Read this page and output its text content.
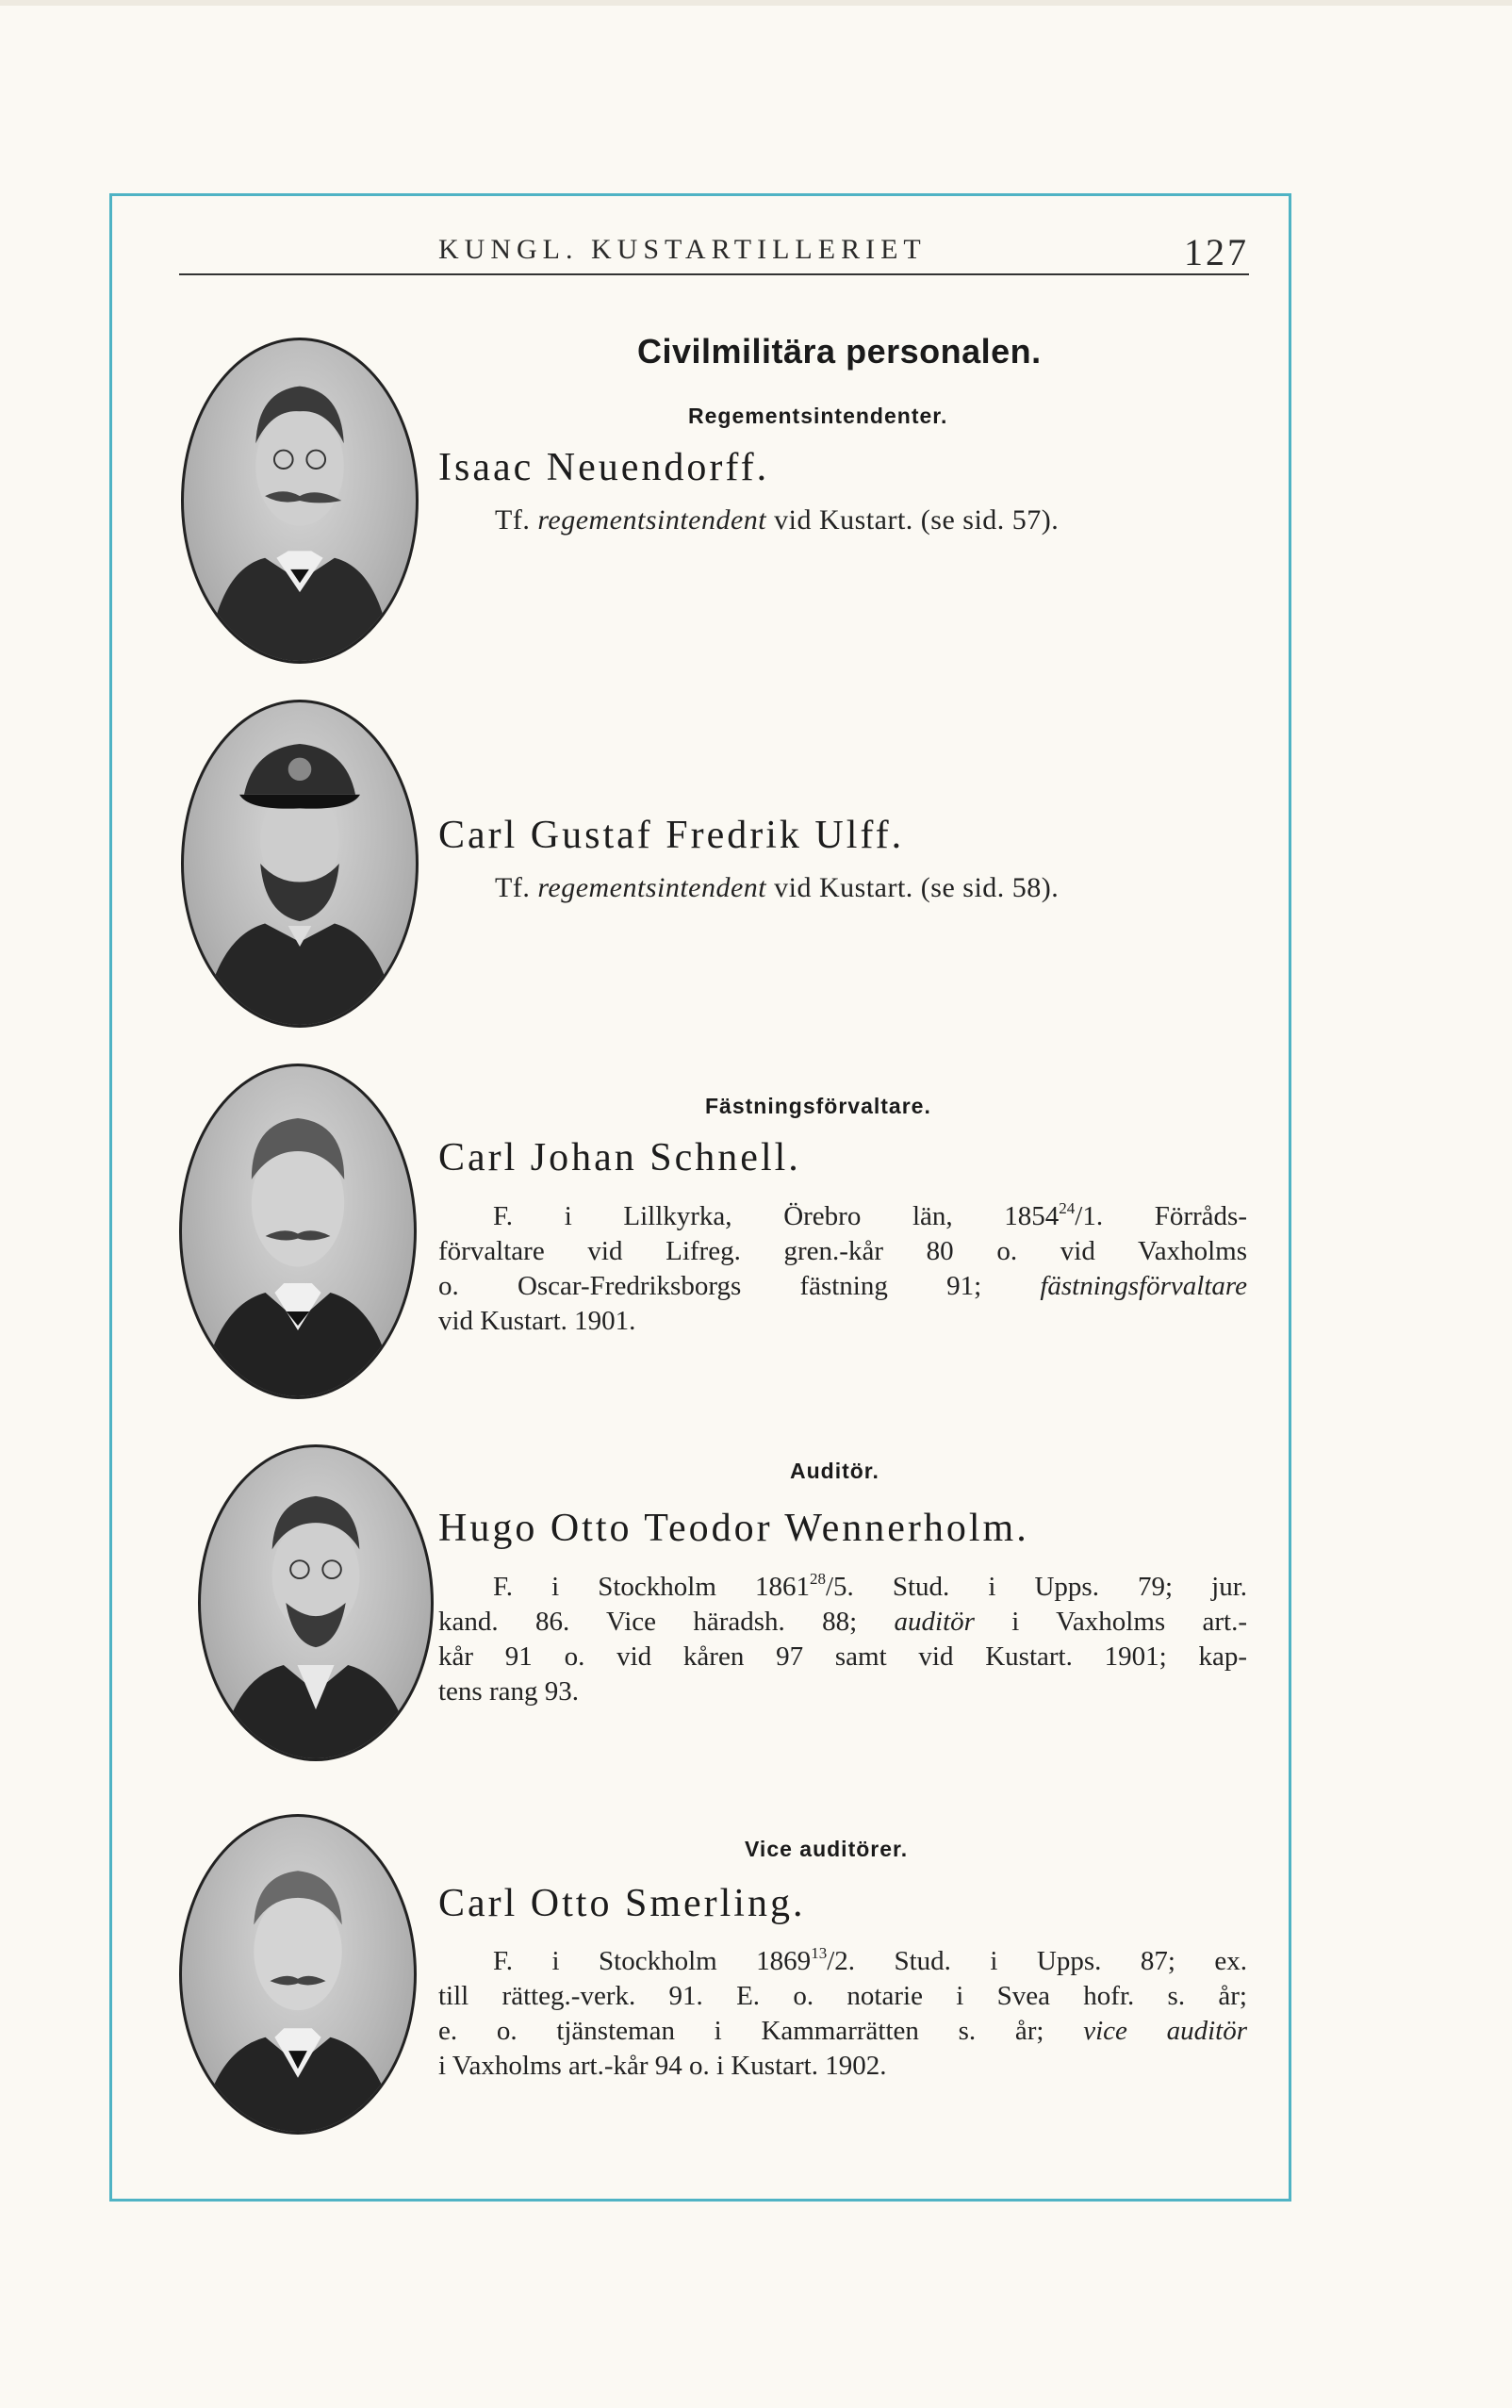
KUNGL. KUSTARTILLERIET	127
Civilmilitära personalen.
Regementsintendenter.
Isaac Neuendorff.
Tf. regementsintendent vid Kustart. (se sid. 57).
Carl Gustaf Fredrik Ulff.
Tf. regementsintendent vid Kustart. (se sid. 58).
Fästningsförvaltare.
Carl Johan Schnell.
F. i Lillkyrka, Örebro län, 1854$^{24}$/1. Förråds-
förvaltare vid Lifreg. gren.-kår 80 o. vid Vaxholms
o. Oscar-Fredriksborgs fästning 91; fästningsförvaltare
vid Kustart. 1901.
Auditör.
Hugo Otto Teodor Wennerholm.
F. i Stockholm 1861$^{28}$/5. Stud. i Upps. 79; jur.
kand. 86. Vice häradsh. 88; auditör i Vaxholms art.-
kår 91 o. vid kåren 97 samt vid Kustart. 1901; kap-
tens rang 93.
Vice auditörer.
Carl Otto Smerling.
F. i Stockholm 1869$^{13}$/2. Stud. i Upps. 87; ex.
till rätteg.-verk. 91. E. o. notarie i Svea hofr. s. år;
e. o. tjänsteman i Kammarrätten s. år; vice auditör
i Vaxholms art.-kår 94 o. i Kustart. 1902.
